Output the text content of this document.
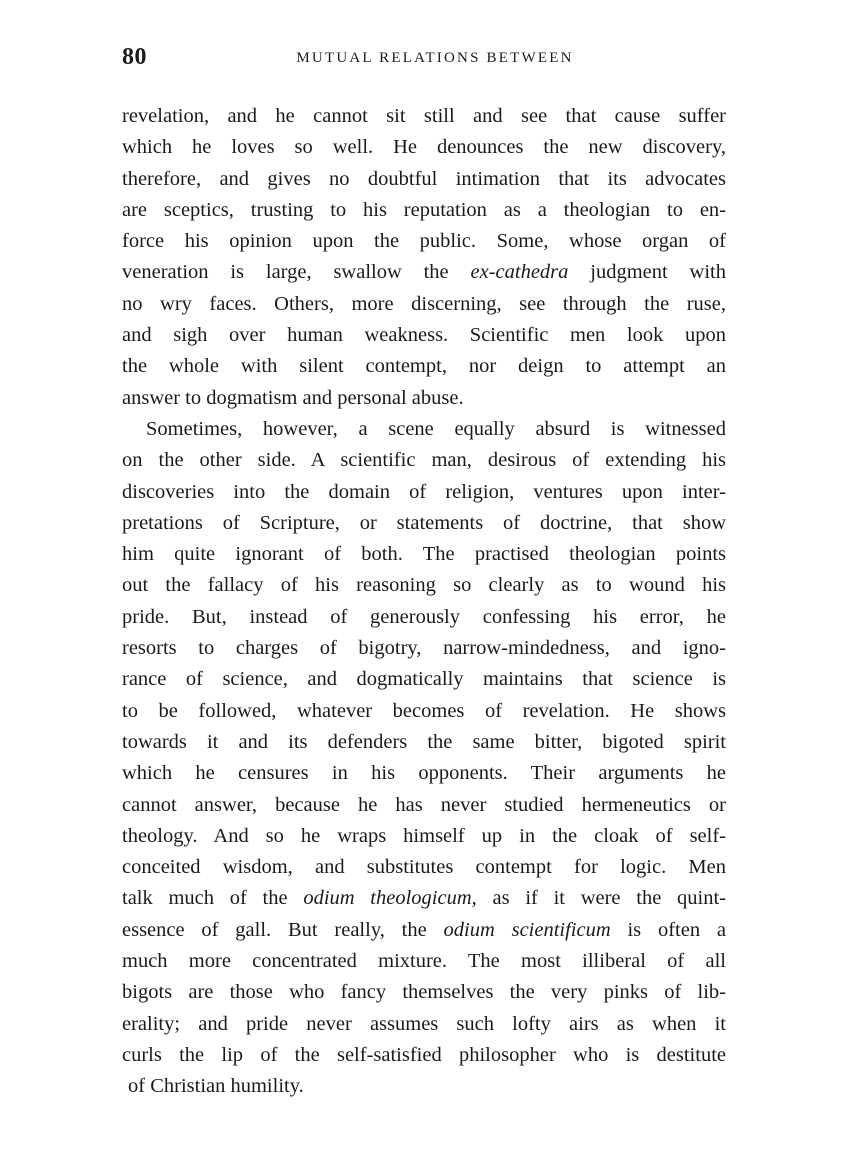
80	MUTUAL RELATIONS BETWEEN
revelation, and he cannot sit still and see that cause suffer
which he loves so well. He denounces the new discovery,
therefore, and gives no doubtful intimation that its advocates
are sceptics, trusting to his reputation as a theologian to en-
force his opinion upon the public. Some, whose organ of
veneration is large, swallow the ex-cathedra judgment with
no wry faces. Others, more discerning, see through the ruse,
and sigh over human weakness. Scientific men look upon
the whole with silent contempt, nor deign to attempt an
answer to dogmatism and personal abuse.
Sometimes, however, a scene equally absurd is witnessed
on the other side. A scientific man, desirous of extending his
discoveries into the domain of religion, ventures upon inter-
pretations of Scripture, or statements of doctrine, that show
him quite ignorant of both. The practised theologian points
out the fallacy of his reasoning so clearly as to wound his
pride. But, instead of generously confessing his error, he
resorts to charges of bigotry, narrow-mindedness, and igno-
rance of science, and dogmatically maintains that science is
to be followed, whatever becomes of revelation. He shows
towards it and its defenders the same bitter, bigoted spirit
which he censures in his opponents. Their arguments he
cannot answer, because he has never studied hermeneutics or
theology. And so he wraps himself up in the cloak of self-
conceited wisdom, and substitutes contempt for logic. Men
talk much of the odium theologicum, as if it were the quint-
essence of gall. But really, the odium scientificum is often a
much more concentrated mixture. The most illiberal of all
bigots are those who fancy themselves the very pinks of lib-
erality; and pride never assumes such lofty airs as when it
curls the lip of the self-satisfied philosopher who is destitute
of Christian humility.
